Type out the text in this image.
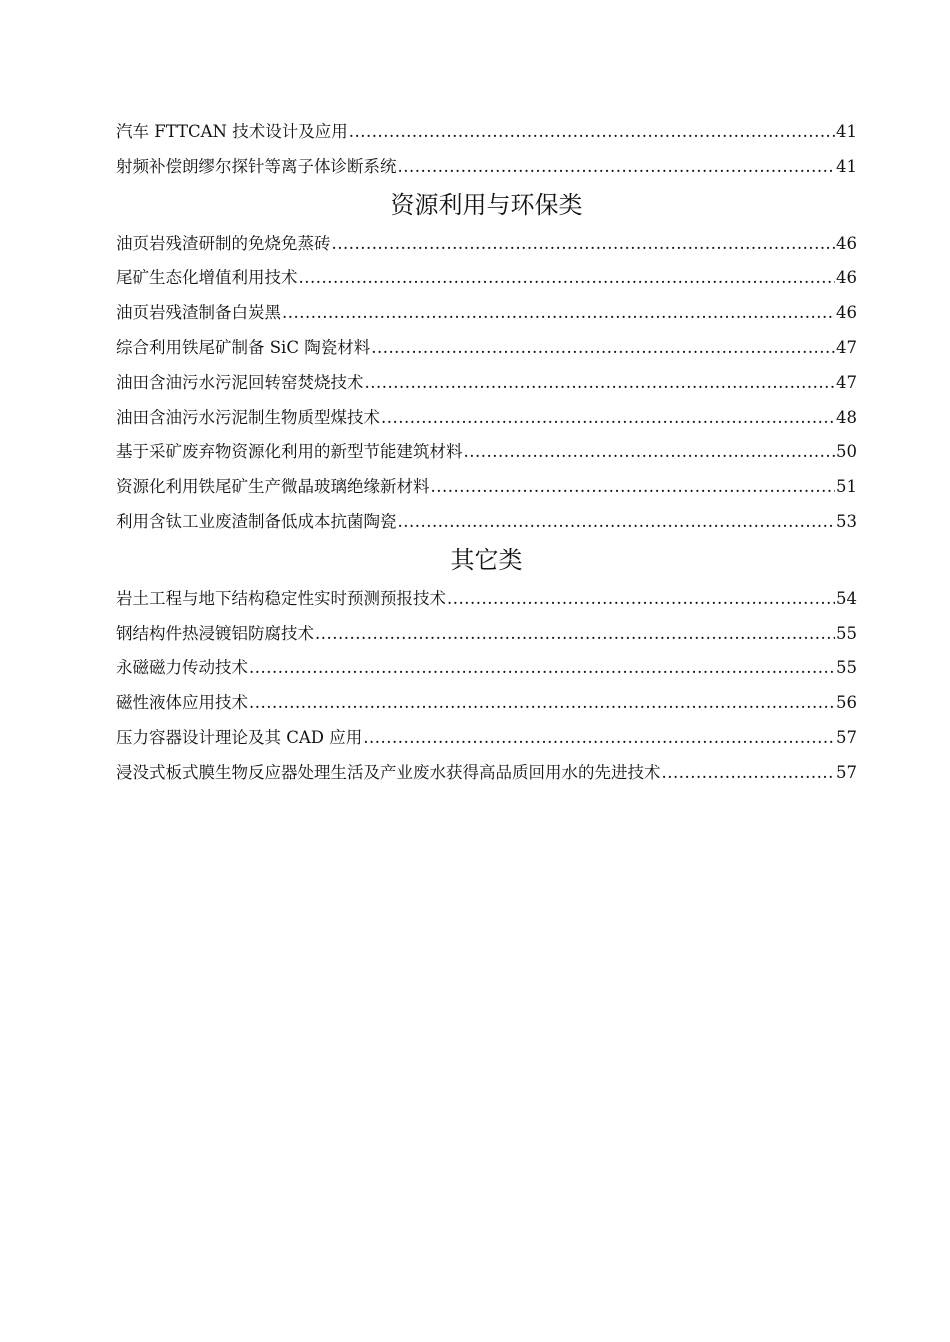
汽车 FTTCAN 技术设计及应用 .....	41
射频补偿朗缪尔探针等离子体诊断系统 .....	41
资源利用与环保类
油页岩残渣研制的免烧免蒸砖 .....	46
尾矿生态化增值利用技术 .....	46
油页岩残渣制备白炭黑 .....	46
综合利用铁尾矿制备 SiC 陶瓷材料 .....	47
油田含油污水污泥回转窑焚烧技术 .....	47
油田含油污水污泥制生物质型煤技术 .....	48
基于采矿废弃物资源化利用的新型节能建筑材料 .....	50
资源化利用铁尾矿生产微晶玻璃绝缘新材料 .....	51
利用含钛工业废渣制备低成本抗菌陶瓷 .....	53
其它类
岩土工程与地下结构稳定性实时预测预报技术 .....	54
钢结构件热浸镀铝防腐技术 .....	55
永磁磁力传动技术 .....	55
磁性液体应用技术 .....	56
压力容器设计理论及其 CAD 应用 .....	57
浸没式板式膜生物反应器处理生活及产业废水获得高品质回用水的先进技术 .....	57
